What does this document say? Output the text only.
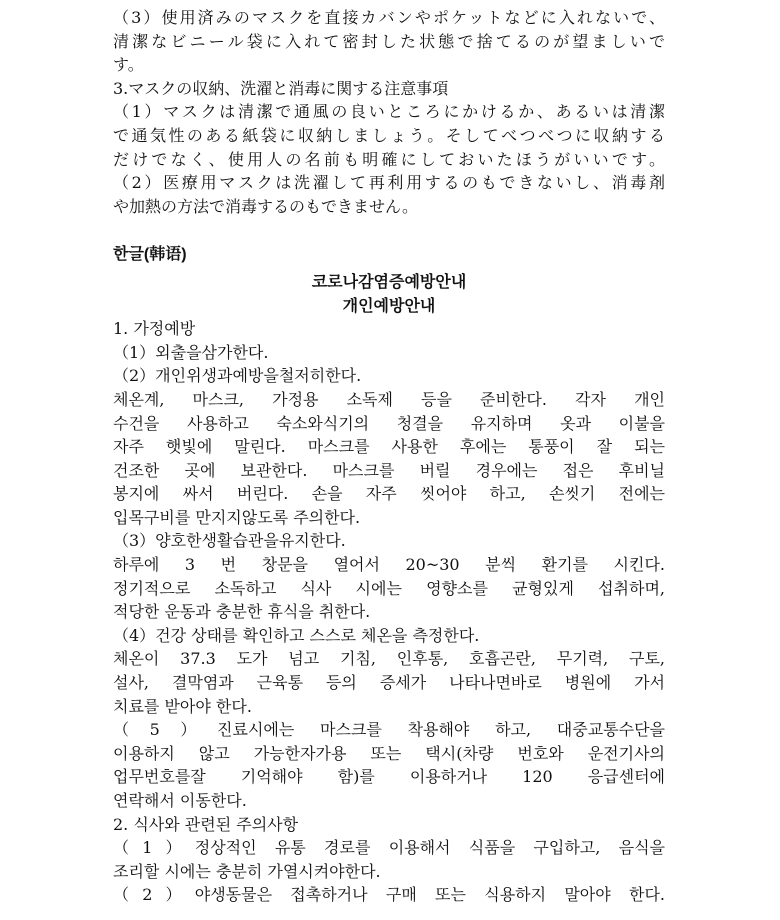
（3）使用済みのマスクを直接カバンやポケットなどに入れないで、
清潔なビニール袋に入れて密封した状態で捨てるのが望ましいで
す。
3.マスクの収納、洗濯と消毒に関する注意事項
（1）マスクは清潔で通風の良いところにかけるか、あるいは清潔
で通気性のある紙袋に収納しましょう。そしてべつべつに収納する
だけでなく、使用人の名前も明確にしておいたほうがいいです。
（2）医療用マスクは洗濯して再利用するのもできないし、消毒剤
や加熱の方法で消毒するのもできません。
한글(韩语)
코로나감염증예방안내
개인예방안내
1. 가정예방
（1）외출을삼가한다.
（2）개인위생과예방을철저히한다.
체온계, 마스크, 가정용 소독제 등을 준비한다. 각자 개인
수건을 사용하고 숙소와식기의 청결을 유지하며 옷과 이불을
자주 햇빛에 말린다. 마스크를 사용한 후에는 통풍이 잘 되는
건조한 곳에 보관한다. 마스크를 버릴 경우에는 접은 후비닐
봉지에 싸서 버린다. 손을 자주 씻어야 하고, 손씻기 전에는
입목구비를 만지지않도록 주의한다.
（3）양호한생활습관을유지한다.
하루에 3 번 창문을 열어서 20~30 분씩 환기를 시킨다.
정기적으로 소독하고 식사 시에는 영향소를 균형있게 섭취하며,
적당한 운동과 충분한 휴식을 취한다.
（4）건강 상태를 확인하고 스스로 체온을 측정한다.
체온이 37.3 도가 넘고 기침, 인후통, 호흡곤란, 무기력, 구토,
설사, 결막염과 근육통 등의 증세가 나타나면바로 병원에 가서
치료를 받아야 한다.
（5）진료시에는 마스크를 착용해야 하고, 대중교통수단을
이용하지 않고 가능한자가용 또는 택시(차량 번호와 운전기사의
업무번호를잘 기억해야 함)를 이용하거나 120 응급센터에
연락해서 이동한다.
2. 식사와 관련된 주의사항
（1）정상적인 유통 경로를 이용해서 식품을 구입하고, 음식을
조리할 시에는 충분히 가열시켜야한다.
（2）야생동물은 접촉하거나 구매 또는 식용하지 말아야 한다.
